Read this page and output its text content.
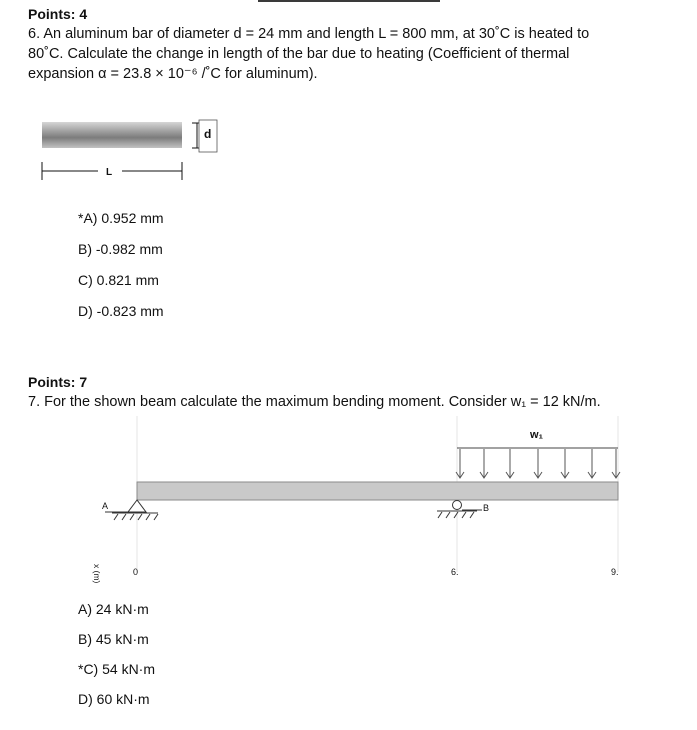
Points: 4
6. An aluminum bar of diameter d = 24 mm and length L = 800 mm, at 30˚C is heated to
80˚C. Calculate the change in length of the bar due to heating (Coefficient of thermal
expansion α = 23.8 × 10⁻⁶ /˚C for aluminum).
d
L
*A) 0.952 mm
B) -0.982 mm
C) 0.821 mm
D) -0.823 mm
Points: 7
7. For the shown beam calculate the maximum bending moment. Consider w₁ = 12 kN/m.
w₁
A	B
x (m)	0	6.	9.
A) 24 kN·m
B) 45 kN·m
*C) 54 kN·m
D) 60 kN·m
